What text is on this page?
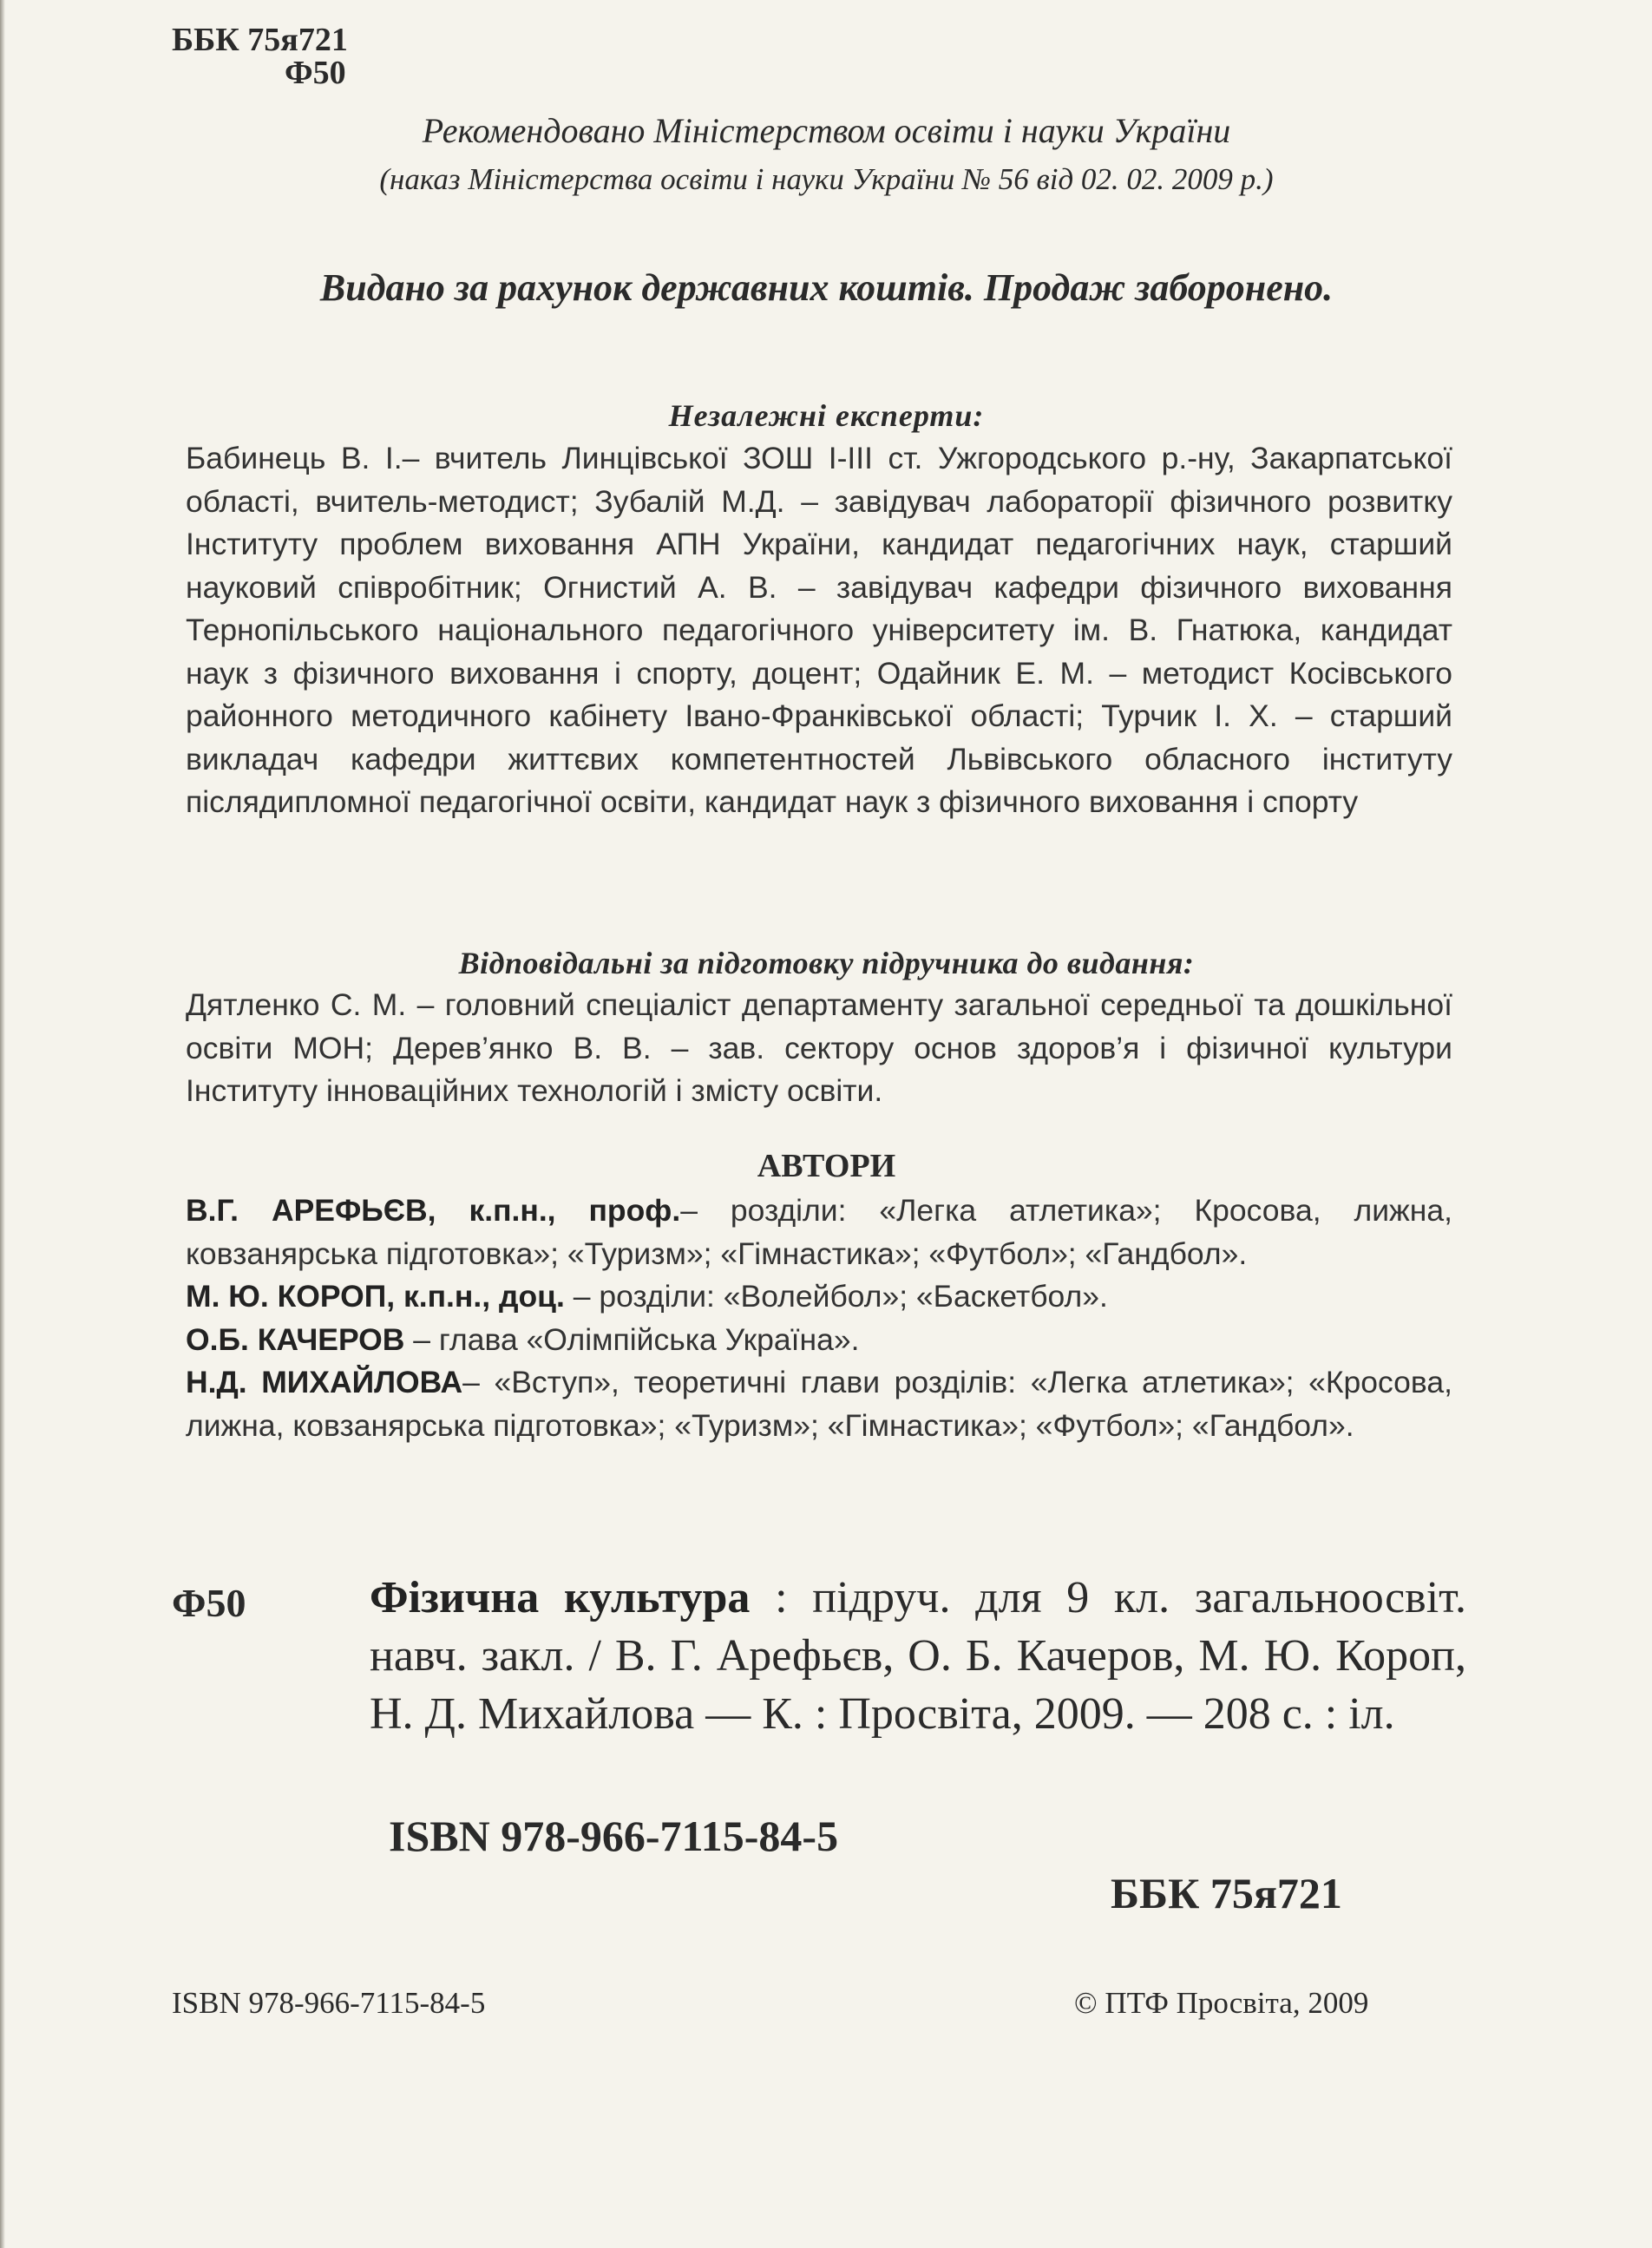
ББК 75я721
Ф50
Рекомендовано Міністерством освіти і науки України
(наказ Міністерства освіти і науки України № 56 від 02. 02. 2009 р.)
Видано за рахунок державних коштів. Продаж заборонено.
Незалежні експерти:
Бабинець В. І.– вчитель Линцівської ЗОШ І-ІІІ ст. Ужгородського р.-ну, Закарпатської області, вчитель-методист; Зубалій М.Д. – завідувач лабораторії фізичного розвитку Інституту проблем виховання АПН України, кандидат педагогічних наук, старший науковий співробітник; Огнистий А. В. – завідувач кафедри фізичного виховання Тернопільського національного педагогічного університету ім. В. Гнатюка, кандидат наук з фізичного виховання і спорту, доцент; Одайник Е. М. – методист Косівського районного методичного кабінету Івано-Франківської області; Турчик І. Х. – старший викладач кафедри життєвих компетентностей Львівського обласного інституту післядипломної педагогічної освіти, кандидат наук з фізичного виховання і спорту
Відповідальні за підготовку підручника до видання:
Дятленко С. М. – головний спеціаліст департаменту загальної середньої та дошкільної освіти МОН; Дерев’янко В. В. – зав. сектору основ здоров’я і фізичної культури Інституту інноваційних технологій і змісту освіти.
АВТОРИ

В.Г. АРЕФЬЄВ, к.п.н., проф.– розділи: «Легка атлетика»; Кросова, лижна, ковзанярська підготовка»; «Туризм»; «Гімнастика»; «Футбол»; «Гандбол».

М. Ю. КОРОП, к.п.н., доц. – розділи: «Волейбол»; «Баскетбол».

О.Б. КАЧЕРОВ – глава «Олімпійська Україна».

Н.Д. МИХАЙЛОВА– «Вступ», теоретичні глави розділів: «Легка атлетика»; «Кросова, лижна, ковзанярська підготовка»; «Туризм»; «Гімнастика»; «Футбол»; «Гандбол».

Ф50	Фізична культура : підруч. для 9 кл. загальноосвіт. навч. закл. / В. Г. Арефьєв, О. Б. Качеров, М. Ю. Короп, Н. Д. Михайлова — К. : Просвіта, 2009. — 208 с. : іл.
ISBN 978-966-7115-84-5
ББК 75я721
ISBN 978-966-7115-84-5	© ПТФ Просвіта, 2009
